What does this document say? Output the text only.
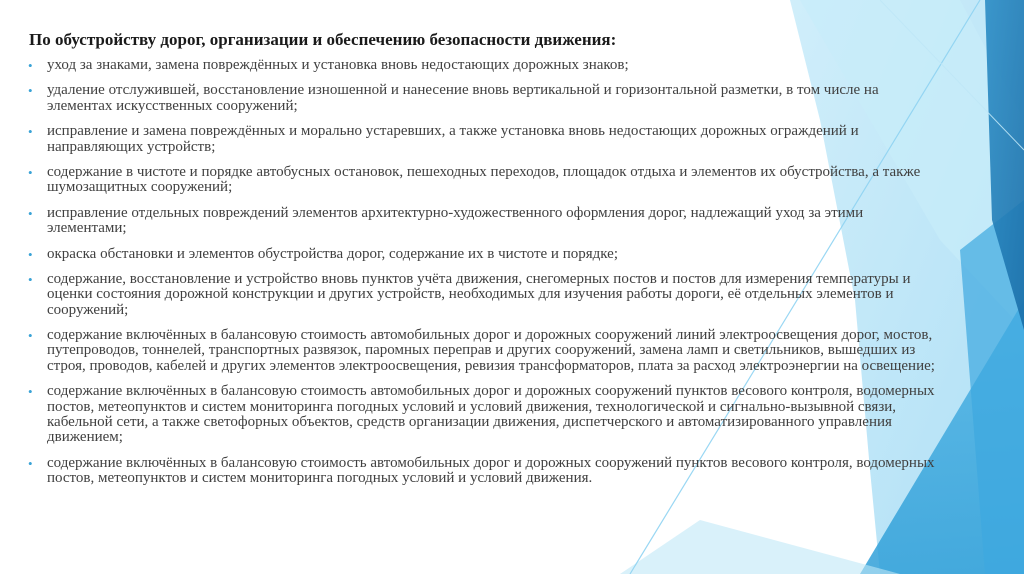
По обустройству дорог, организации и обеспечению безопасности движения:
• уход за знаками, замена повреждённых и установка вновь недостающих дорожных знаков;
• удаление отслужившей, восстановление изношенной и нанесение вновь вертикальной и горизонтальной разметки, в том числе на элементах искусственных сооружений;
• исправление и замена повреждённых и морально устаревших, а также установка вновь недостающих дорожных ограждений и направляющих устройств;
• содержание в чистоте и порядке автобусных остановок, пешеходных переходов, площадок отдыха и элементов их обустройства, а также шумозащитных сооружений;
• исправление отдельных повреждений элементов архитектурно-художественного оформления дорог, надлежащий уход за этими элементами;
• окраска обстановки и элементов обустройства дорог, содержание их в чистоте и порядке;
• содержание, восстановление и устройство вновь пунктов учёта движения, снегомерных постов и постов для измерения температуры и оценки состояния дорожной конструкции и других устройств, необходимых для изучения работы дороги, её отдельных элементов и сооружений;
• содержание включённых в балансовую стоимость автомобильных дорог и дорожных сооружений линий электроосвещения дорог, мостов, путепроводов, тоннелей, транспортных развязок, паромных переправ и других сооружений, замена ламп и светильников, вышедших из строя, проводов, кабелей и других элементов электроосвещения, ревизия трансформаторов, плата за расход электроэнергии на освещение;
• содержание включённых в балансовую стоимость автомобильных дорог и дорожных сооружений пунктов весового контроля, водомерных постов, метеопунктов и систем мониторинга погодных условий и условий движения, технологической и сигнально-вызывной связи, кабельной сети, а также светофорных объектов, средств организации движения, диспетчерского и автоматизированного управления движением;
• содержание включённых в балансовую стоимость автомобильных дорог и дорожных сооружений пунктов весового контроля, водомерных постов, метеопунктов и систем мониторинга погодных условий и условий движения.
